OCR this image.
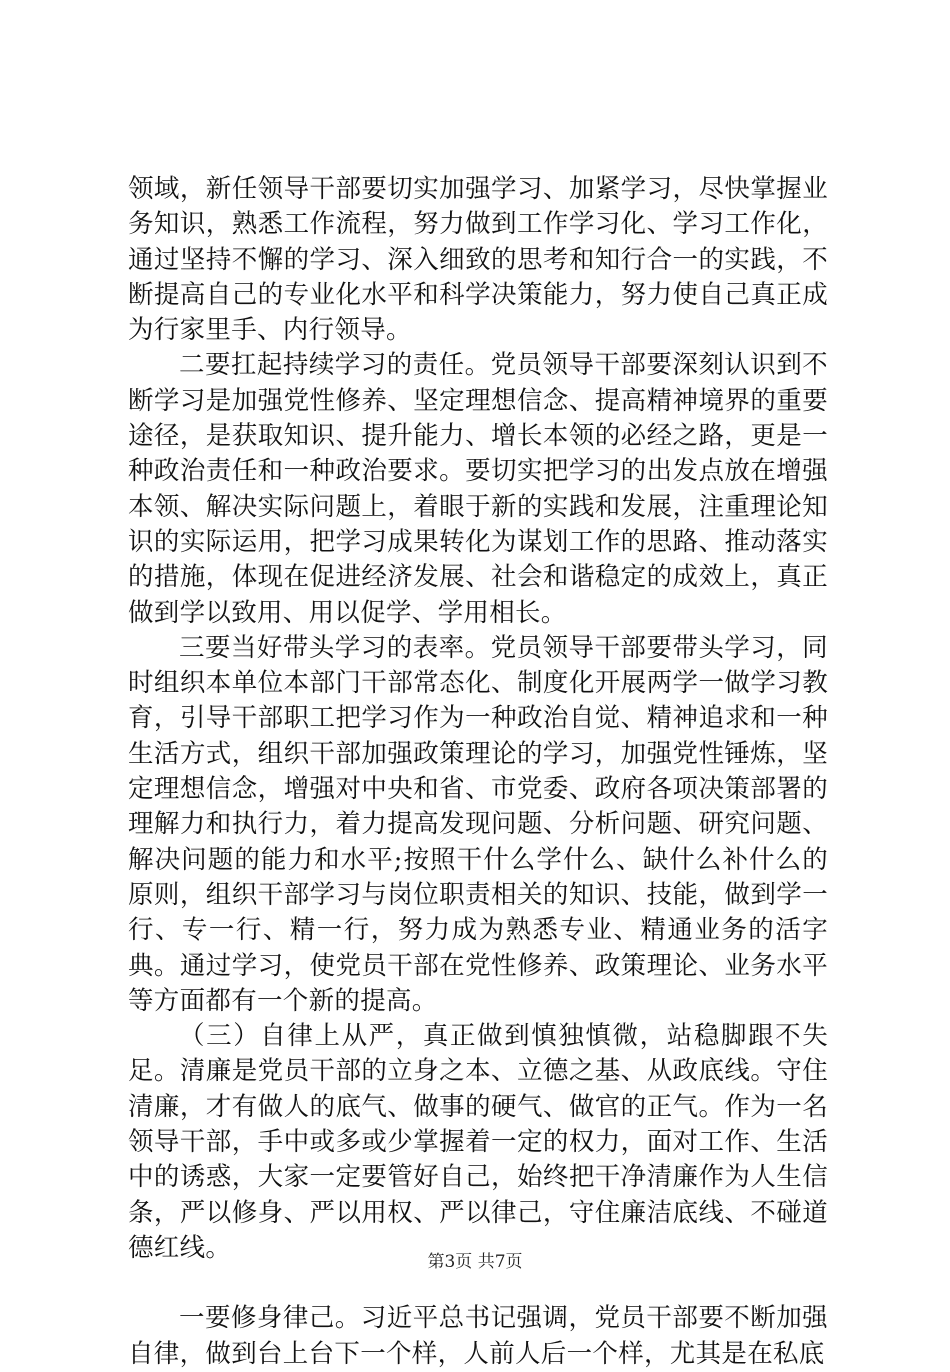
领域，新任领导干部要切实加强学习、加紧学习，尽快掌握业务知识，熟悉工作流程，努力做到工作学习化、学习工作化，通过坚持不懈的学习、深入细致的思考和知行合一的实践，不断提高自己的专业化水平和科学决策能力，努力使自己真正成为行家里手、内行领导。

二要扛起持续学习的责任。党员领导干部要深刻认识到不断学习是加强党性修养、坚定理想信念、提高精神境界的重要途径，是获取知识、提升能力、增长本领的必经之路，更是一种政治责任和一种政治要求。要切实把学习的出发点放在增强本领、解决实际问题上，着眼于新的实践和发展，注重理论知识的实际运用，把学习成果转化为谋划工作的思路、推动落实的措施，体现在促进经济发展、社会和谐稳定的成效上，真正做到学以致用、用以促学、学用相长。

三要当好带头学习的表率。党员领导干部要带头学习，同时组织本单位本部门干部常态化、制度化开展两学一做学习教育，引导干部职工把学习作为一种政治自觉、精神追求和一种生活方式，组织干部加强政策理论的学习，加强党性锤炼，坚定理想信念，增强对中央和省、市党委、政府各项决策部署的理解力和执行力，着力提高发现问题、分析问题、研究问题、解决问题的能力和水平;按照干什么学什么、缺什么补什么的原则，组织干部学习与岗位职责相关的知识、技能，做到学一行、专一行、精一行，努力成为熟悉专业、精通业务的活字典。通过学习，使党员干部在党性修养、政策理论、业务水平等方面都有一个新的提高。

（三）自律上从严，真正做到慎独慎微，站稳脚跟不失足。清廉是党员干部的立身之本、立德之基、从政底线。守住清廉，才有做人的底气、做事的硬气、做官的正气。作为一名领导干部，手中或多或少掌握着一定的权力，面对工作、生活中的诱惑，大家一定要管好自己，始终把干净清廉作为人生信条，严以修身、严以用权、严以律己，守住廉洁底线、不碰道德红线。

一要修身律己。习近平总书记强调，党员干部要不断加强自律，做到台上台下一个样，人前人后一个样，尤其是在私底

第3页 共7页
